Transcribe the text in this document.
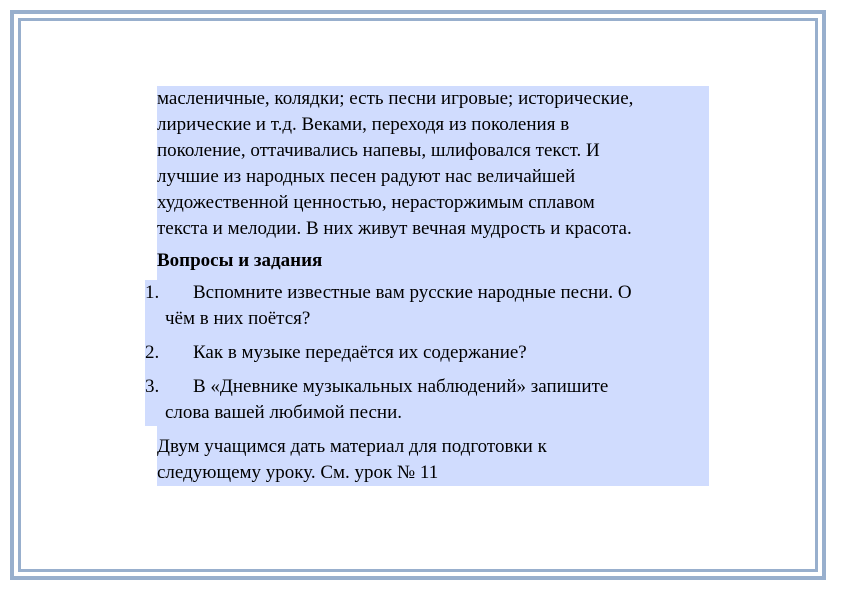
масленичные, колядки; есть песни игровые; исторические,
лирические и т.д. Веками, переходя из поколения в
поколение, оттачивались напевы, шлифовался текст. И
лучшие из народных песен радуют нас величайшей
художественной ценностью, нерасторжимым сплавом
текста и мелодии. В них живут вечная мудрость и красота.
Вопросы и задания
1. Вспомните известные вам русские народные песни. О
чём в них поётся?
2. Как в музыке передаётся их содержание?
3. В «Дневнике музыкальных наблюдений» запишите
слова вашей любимой песни.
Двум учащимся дать материал для подготовки к
следующему уроку. См. урок № 11
